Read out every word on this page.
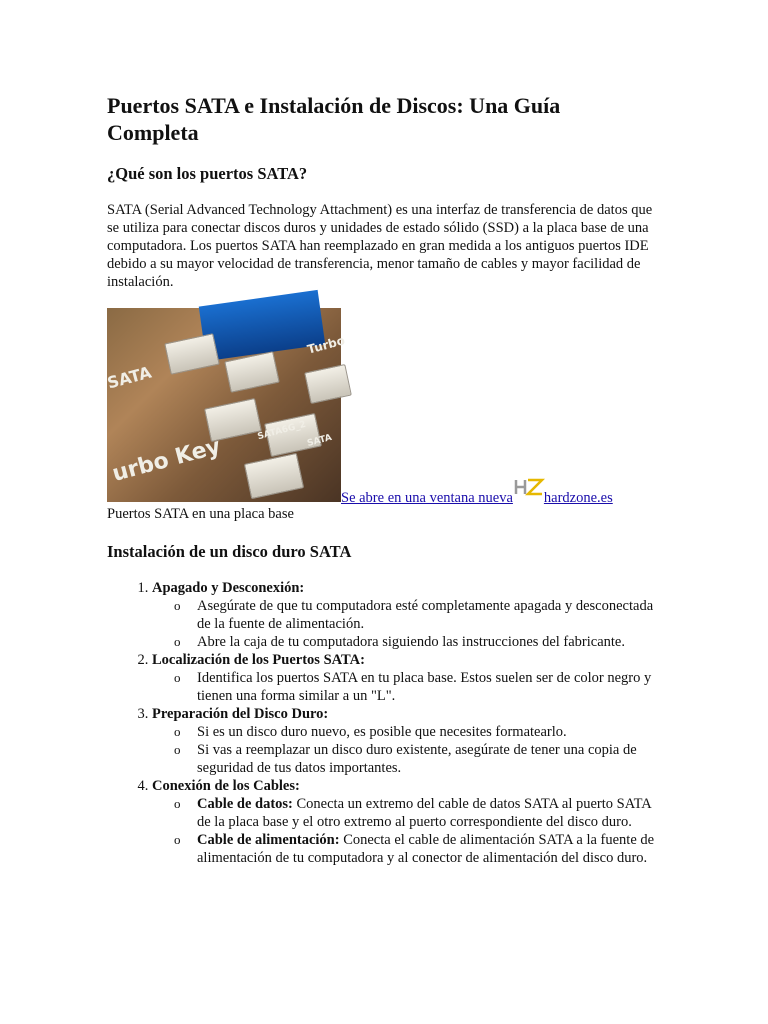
Puertos SATA e Instalación de Discos: Una Guía Completa
¿Qué son los puertos SATA?

SATA (Serial Advanced Technology Attachment) es una interfaz de transferencia de datos que se utiliza para conectar discos duros y unidades de estado sólido (SSD) a la placa base de una computadora. Los puertos SATA han reemplazado en gran medida a los antiguos puertos IDE debido a su mayor velocidad de transferencia, menor tamaño de cables y mayor facilidad de instalación.

SATA
urbo Key
SATA6G_2 SATA
Turbo
Se abre en una ventana nueva hardzone.es
Puertos SATA en una placa base
Instalación de un disco duro SATA
1. Apagado y Desconexión:
o Asegúrate de que tu computadora esté completamente apagada y desconectada de la fuente de alimentación.
o Abre la caja de tu computadora siguiendo las instrucciones del fabricante.
2. Localización de los Puertos SATA:
o Identifica los puertos SATA en tu placa base. Estos suelen ser de color negro y tienen una forma similar a un "L".
3. Preparación del Disco Duro:
o Si es un disco duro nuevo, es posible que necesites formatearlo.
o Si vas a reemplazar un disco duro existente, asegúrate de tener una copia de seguridad de tus datos importantes.
4. Conexión de los Cables:
o Cable de datos: Conecta un extremo del cable de datos SATA al puerto SATA de la placa base y el otro extremo al puerto correspondiente del disco duro.
o Cable de alimentación: Conecta el cable de alimentación SATA a la fuente de alimentación de tu computadora y al conector de alimentación del disco duro.
